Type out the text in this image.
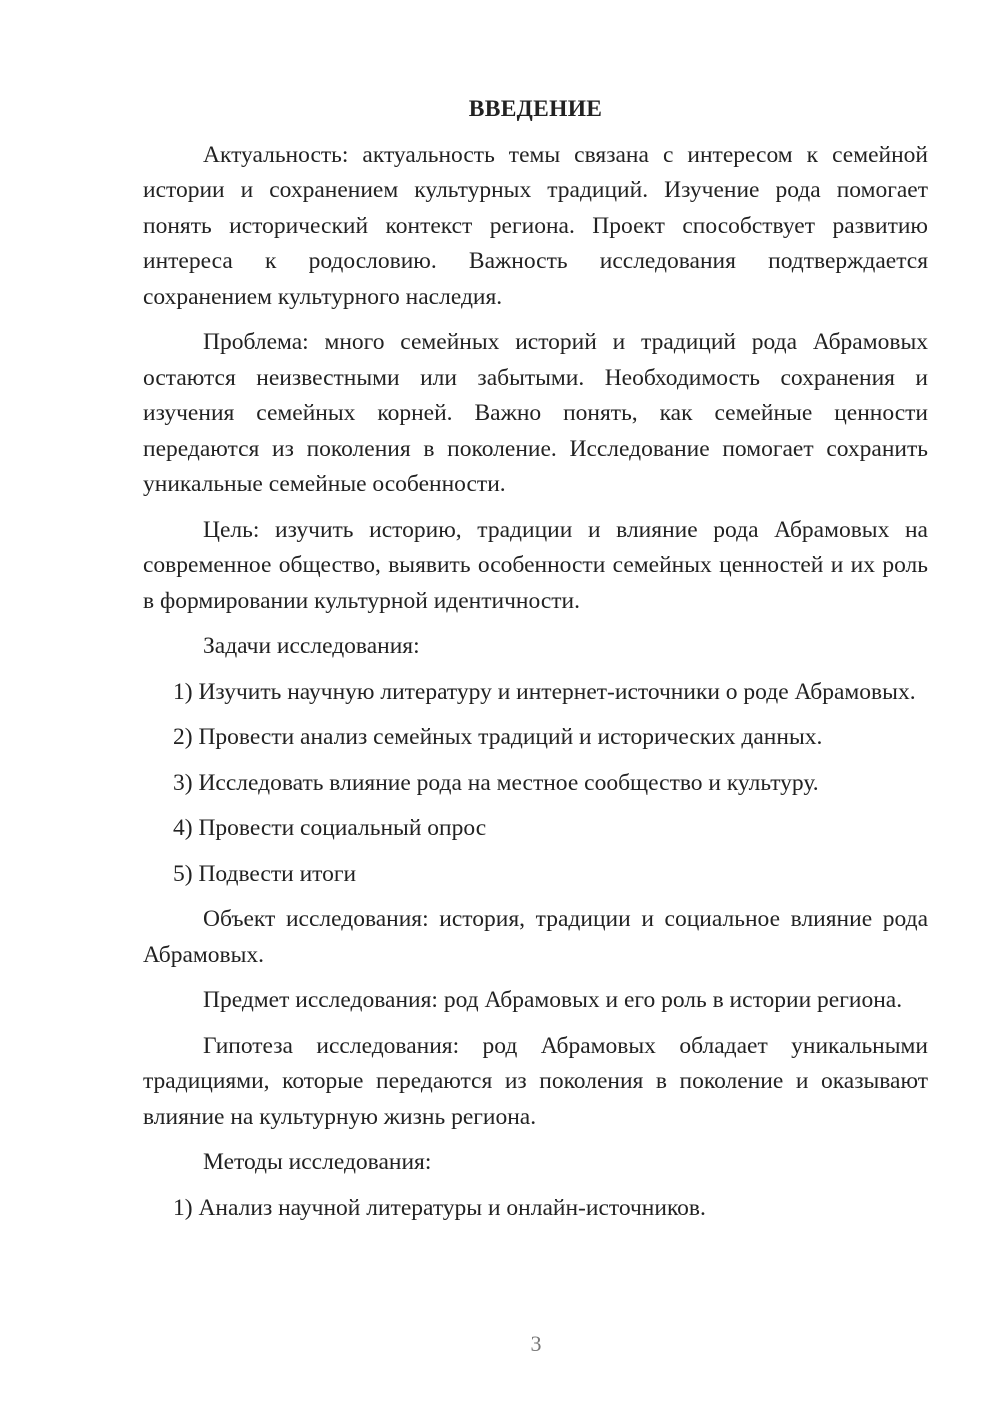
ВВЕДЕНИЕ

Актуальность: актуальность темы связана с интересом к семейной истории и сохранением культурных традиций. Изучение рода помогает понять исторический контекст региона. Проект способствует развитию интереса к родословию. Важность исследования подтверждается сохранением культурного наследия.

Проблема: много семейных историй и традиций рода Абрамовых остаются неизвестными или забытыми. Необходимость сохранения и изучения семейных корней. Важно понять, как семейные ценности передаются из поколения в поколение. Исследование помогает сохранить уникальные семейные особенности.

Цель: изучить историю, традиции и влияние рода Абрамовых на современное общество, выявить особенности семейных ценностей и их роль в формировании культурной идентичности.

Задачи исследования:

1) Изучить научную литературу и интернет-источники о роде Абрамовых.

2) Провести анализ семейных традиций и исторических данных.

3) Исследовать влияние рода на местное сообщество и культуру.

4) Провести социальный опрос

5) Подвести итоги

Объект исследования: история, традиции и социальное влияние рода Абрамовых.

Предмет исследования: род Абрамовых и его роль в истории региона.

Гипотеза исследования: род Абрамовых обладает уникальными традициями, которые передаются из поколения в поколение и оказывают влияние на культурную жизнь региона.

Методы исследования:

1) Анализ научной литературы и онлайн-источников.

3
